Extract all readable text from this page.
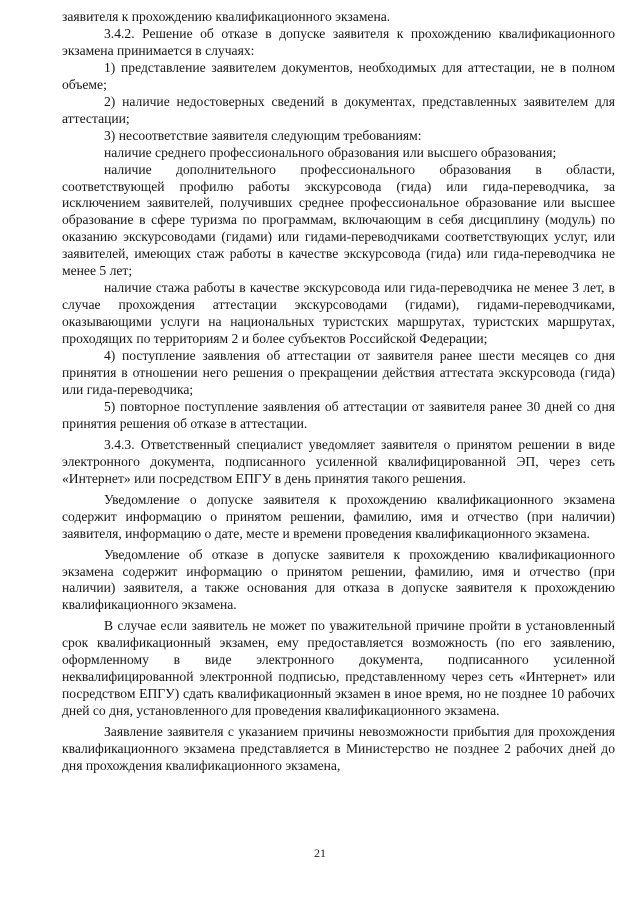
заявителя к прохождению квалификационного экзамена.

3.4.2. Решение об отказе в допуске заявителя к прохождению квалификационного экзамена принимается в случаях:

1) представление заявителем документов, необходимых для аттестации, не в полном объеме;

2) наличие недостоверных сведений в документах, представленных заявителем для аттестации;

3) несоответствие заявителя следующим требованиям:

наличие среднего профессионального образования или высшего образования;

наличие дополнительного профессионального образования в области, соответствующей профилю работы экскурсовода (гида) или гида-переводчика, за исключением заявителей, получивших среднее профессиональное образование или высшее образование в сфере туризма по программам, включающим в себя дисциплину (модуль) по оказанию экскурсоводами (гидами) или гидами-переводчиками соответствующих услуг, или заявителей, имеющих стаж работы в качестве экскурсовода (гида) или гида-переводчика не менее 5 лет;

наличие стажа работы в качестве экскурсовода или гида-переводчика не менее 3 лет, в случае прохождения аттестации экскурсоводами (гидами), гидами-переводчиками, оказывающими услуги на национальных туристских маршрутах, туристских маршрутах, проходящих по территориям 2 и более субъектов Российской Федерации;

4) поступление заявления об аттестации от заявителя ранее шести месяцев со дня принятия в отношении него решения о прекращении действия аттестата экскурсовода (гида) или гида-переводчика;

5) повторное поступление заявления об аттестации от заявителя ранее 30 дней со дня принятия решения об отказе в аттестации.

3.4.3. Ответственный специалист уведомляет заявителя о принятом решении в виде электронного документа, подписанного усиленной квалифицированной ЭП, через сеть «Интернет» или посредством ЕПГУ в день принятия такого решения.

Уведомление о допуске заявителя к прохождению квалификационного экзамена содержит информацию о принятом решении, фамилию, имя и отчество (при наличии) заявителя, информацию о дате, месте и времени проведения квалификационного экзамена.

Уведомление об отказе в допуске заявителя к прохождению квалификационного экзамена содержит информацию о принятом решении, фамилию, имя и отчество (при наличии) заявителя, а также основания для отказа в допуске заявителя к прохождению квалификационного экзамена.

В случае если заявитель не может по уважительной причине пройти в установленный срок квалификационный экзамен, ему предоставляется возможность (по его заявлению, оформленному в виде электронного документа, подписанного усиленной неквалифицированной электронной подписью, представленному через сеть «Интернет» или посредством ЕПГУ) сдать квалификационный экзамен в иное время, но не позднее 10 рабочих дней со дня, установленного для проведения квалификационного экзамена.

Заявление заявителя с указанием причины невозможности прибытия для прохождения квалификационного экзамена представляется в Министерство не позднее 2 рабочих дней до дня прохождения квалификационного экзамена,

21
